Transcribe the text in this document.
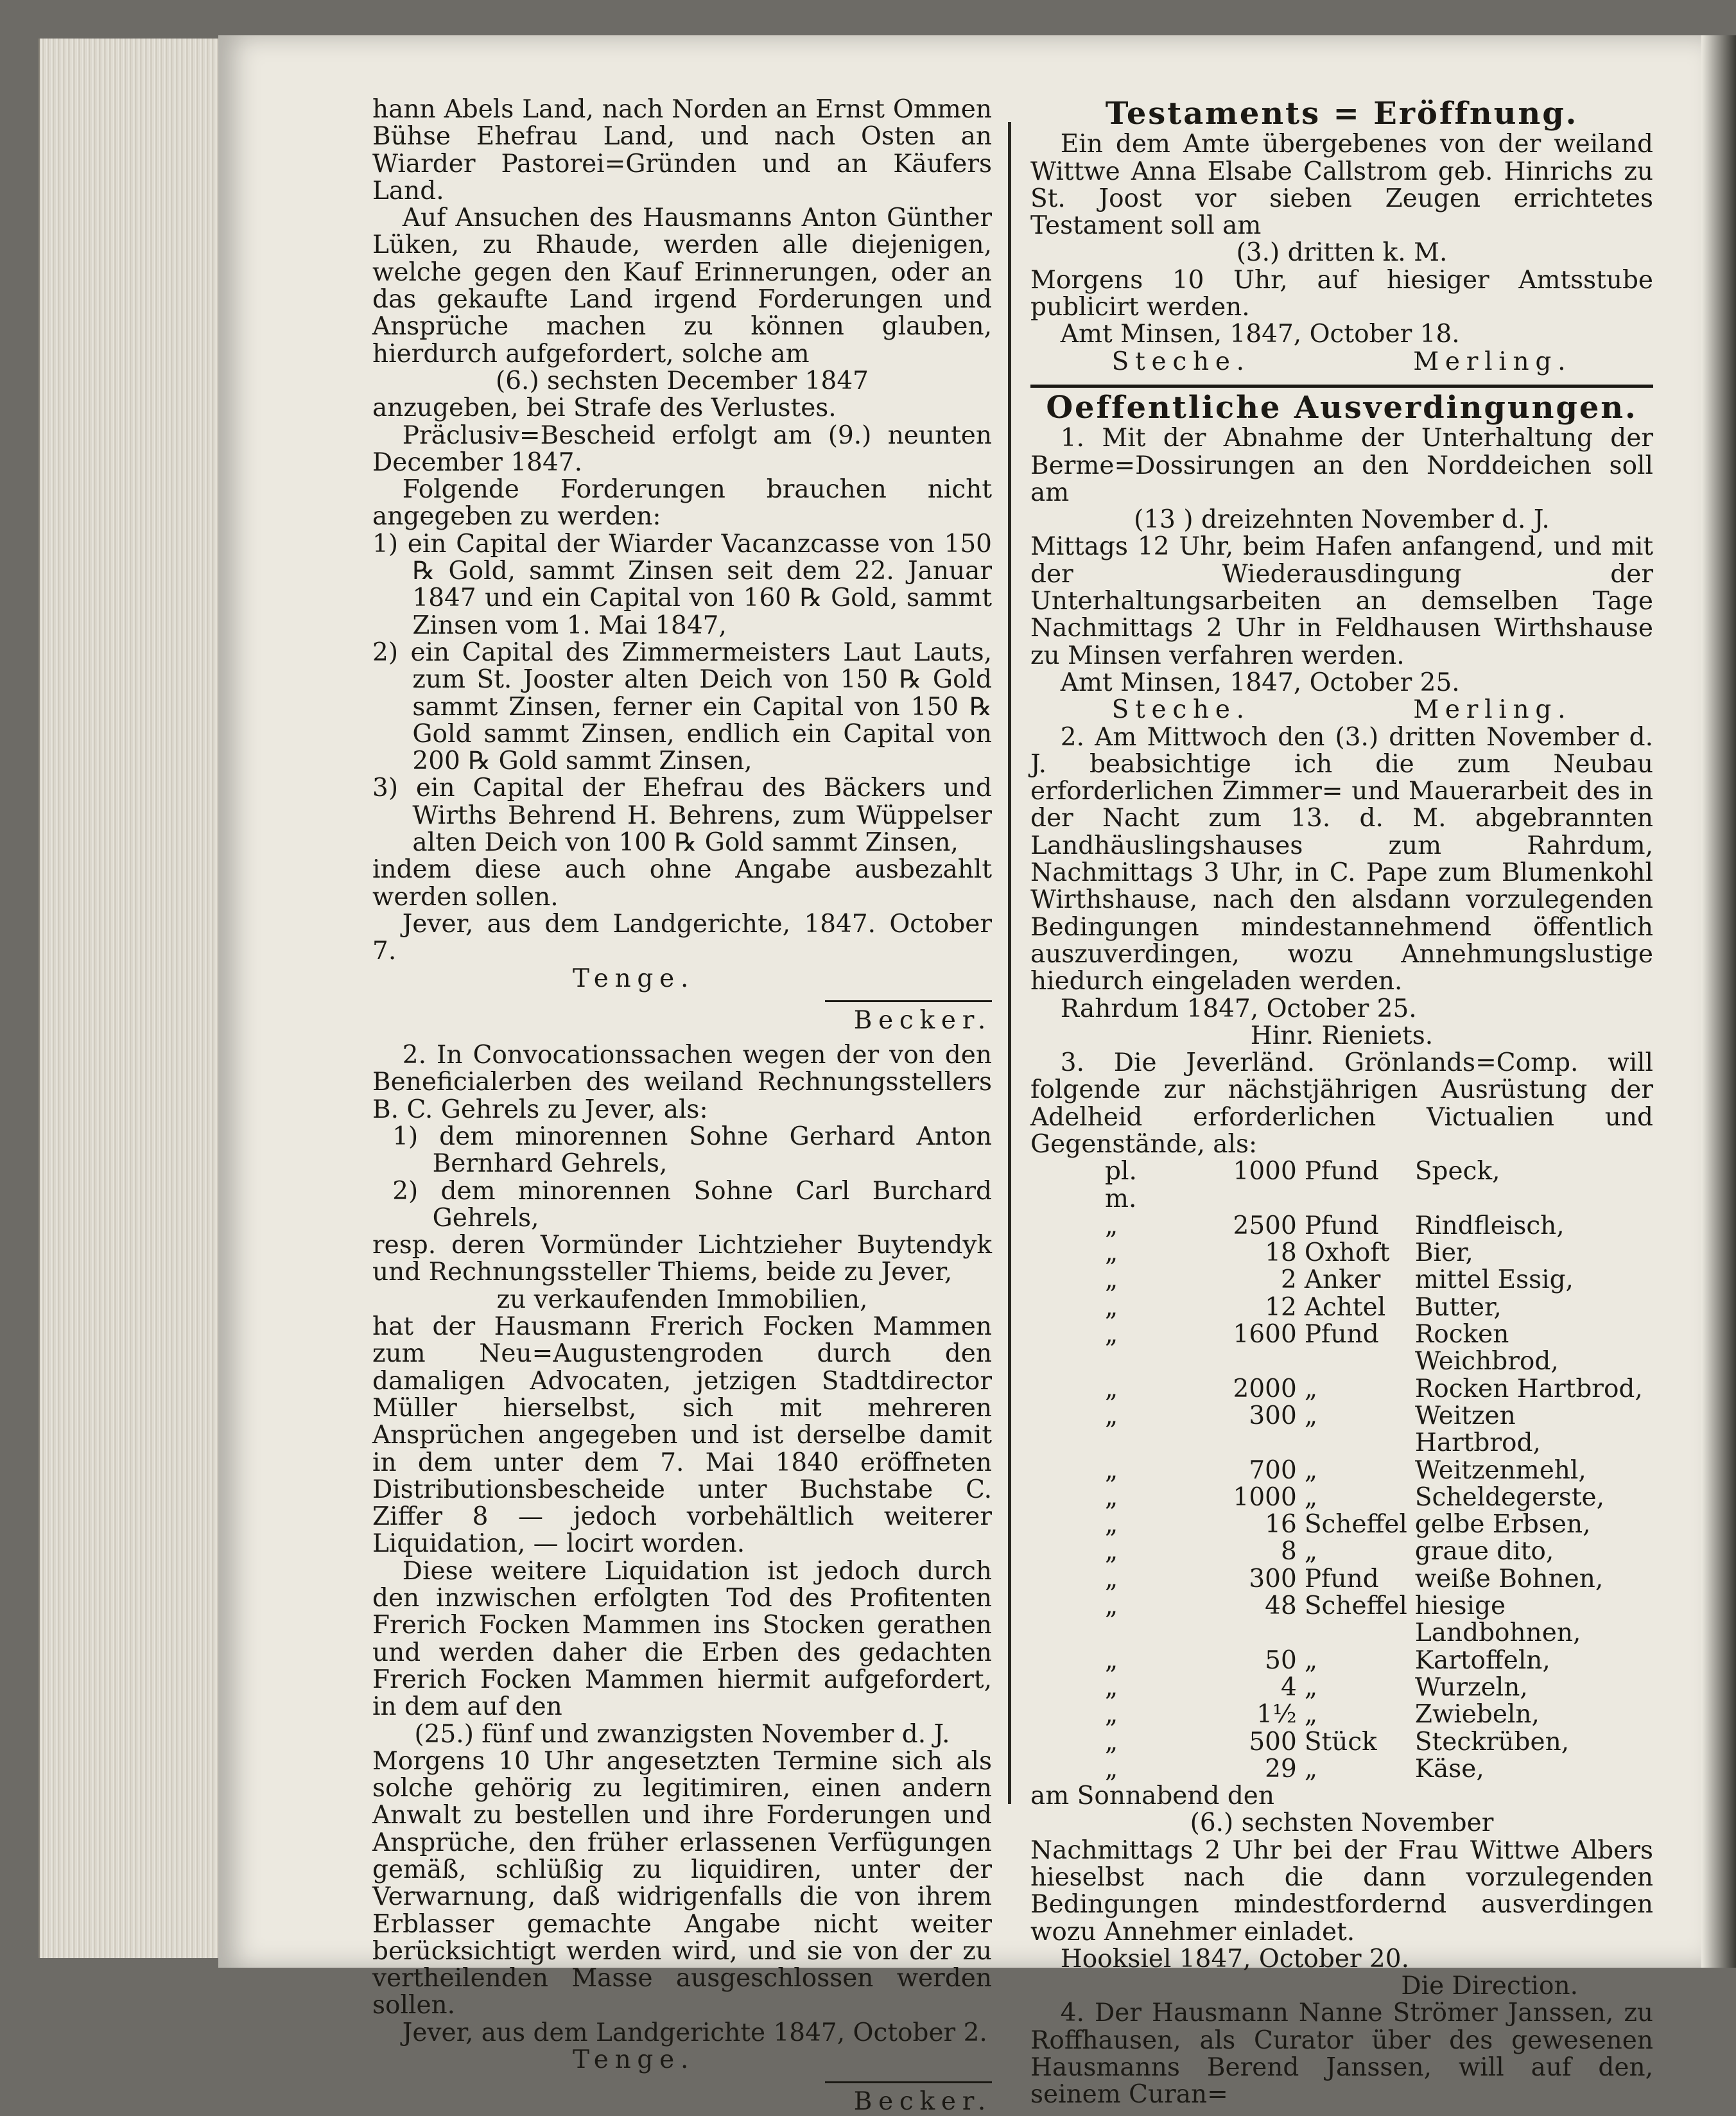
hann Abels Land, nach Norden an Ernst Ommen Bühse Ehefrau Land, und nach Osten an Wiarder Pastorei=Gründen und an Käufers Land.

Auf Ansuchen des Hausmanns Anton Günther Lüken, zu Rhaude, werden alle diejenigen, welche gegen den Kauf Erinnerungen, oder an das gekaufte Land irgend Forderungen und Ansprüche machen zu können glauben, hierdurch aufgefordert, solche am

(6.) sechsten December 1847

anzugeben, bei Strafe des Verlustes.

Präclusiv=Bescheid erfolgt am (9.) neunten December 1847.

Folgende Forderungen brauchen nicht angegeben zu werden:

1) ein Capital der Wiarder Vacanzcasse von 150 ℞ Gold, sammt Zinsen seit dem 22. Januar 1847 und ein Capital von 160 ℞ Gold, sammt Zinsen vom 1. Mai 1847,

2) ein Capital des Zimmermeisters Laut Lauts, zum St. Jooster alten Deich von 150 ℞ Gold sammt Zinsen, ferner ein Capital von 150 ℞ Gold sammt Zinsen, endlich ein Capital von 200 ℞ Gold sammt Zinsen,

3) ein Capital der Ehefrau des Bäckers und Wirths Behrend H. Behrens, zum Wüppelser alten Deich von 100 ℞ Gold sammt Zinsen,

indem diese auch ohne Angabe ausbezahlt werden sollen.

Jever, aus dem Landgerichte, 1847. October 7.

Tenge.

Becker.

2. In Convocationssachen wegen der von den Beneficialerben des weiland Rechnungsstellers B. C. Gehrels zu Jever, als:

1) dem minorennen Sohne Gerhard Anton Bernhard Gehrels,

2) dem minorennen Sohne Carl Burchard Gehrels,

resp. deren Vormünder Lichtzieher Buytendyk und Rechnungssteller Thiems, beide zu Jever,

zu verkaufenden Immobilien,

hat der Hausmann Frerich Focken Mammen zum Neu=Augustengroden durch den damaligen Advocaten, jetzigen Stadtdirector Müller hierselbst, sich mit mehreren Ansprüchen angegeben und ist derselbe damit in dem unter dem 7. Mai 1840 eröffneten Distributionsbescheide unter Buchstabe C. Ziffer 8 — jedoch vorbehältlich weiterer Liquidation, — locirt worden.

Diese weitere Liquidation ist jedoch durch den inzwischen erfolgten Tod des Profitenten Frerich Focken Mammen ins Stocken gerathen und werden daher die Erben des gedachten Frerich Focken Mammen hiermit aufgefordert, in dem auf den

(25.) fünf und zwanzigsten November d. J.

Morgens 10 Uhr angesetzten Termine sich als solche gehörig zu legitimiren, einen andern Anwalt zu bestellen und ihre Forderungen und Ansprüche, den früher erlassenen Verfügungen gemäß, schlüßig zu liquidiren, unter der Verwarnung, daß widrigenfalls die von ihrem Erblasser gemachte Angabe nicht weiter berücksichtigt werden wird, und sie von der zu vertheilenden Masse ausgeschlossen werden sollen.

Jever, aus dem Landgerichte 1847, October 2.

Tenge.

Becker.

Testaments = Eröffnung.

Ein dem Amte übergebenes von der weiland Wittwe Anna Elsabe Callstrom geb. Hinrichs zu St. Joost vor sieben Zeugen errichtetes Testament soll am

(3.) dritten k. M.

Morgens 10 Uhr, auf hiesiger Amtsstube publicirt werden.

Amt Minsen, 1847, October 18.

Steche.	Merling.
Oeffentliche Ausverdingungen.

1. Mit der Abnahme der Unterhaltung der Berme=Dossirungen an den Norddeichen soll am

(13 ) dreizehnten November d. J.

Mittags 12 Uhr, beim Hafen anfangend, und mit der Wiederausdingung der Unterhaltungsarbeiten an demselben Tage Nachmittags 2 Uhr in Feldhausen Wirthshause zu Minsen verfahren werden.

Amt Minsen, 1847, October 25.

Steche.	Merling.

2. Am Mittwoch den (3.) dritten November d. J. beabsichtige ich die zum Neubau erforderlichen Zimmer= und Mauerarbeit des in der Nacht zum 13. d. M. abgebrannten Landhäuslingshauses zum Rahrdum, Nachmittags 3 Uhr, in C. Pape zum Blumenkohl Wirthshause, nach den alsdann vorzulegenden Bedingungen mindestannehmend öffentlich auszuverdingen, wozu Annehmungslustige hiedurch eingeladen werden.

Rahrdum 1847, October 25.

Hinr. Rieniets.

3. Die Jeverländ. Grönlands=Comp. will folgende zur nächstjährigen Ausrüstung der Adelheid erforderlichen Victualien und Gegenstände, als:

pl. m.	1000	Pfund	Speck,
„	2500	Pfund	Rindfleisch,
„	18	Oxhoft	Bier,
„	2	Anker	mittel Essig,
„	12	Achtel	Butter,
„	1600	Pfund	Rocken Weichbrod,
„	2000	„	Rocken Hartbrod,
„	300	„	Weitzen Hartbrod,
„	700	„	Weitzenmehl,
„	1000	„	Scheldegerste,
„	16	Scheffel	gelbe Erbsen,
„	8	„	graue dito,
„	300	Pfund	weiße Bohnen,
„	48	Scheffel	hiesige Landbohnen,
„	50	„	Kartoffeln,
„	4	„	Wurzeln,
„	1½	„	Zwiebeln,
„	500	Stück	Steckrüben,
„	29	„	Käse,

am Sonnabend den

(6.) sechsten November

Nachmittags 2 Uhr bei der Frau Wittwe Albers hieselbst nach die dann vorzulegenden Bedingungen mindestfordernd ausverdingen wozu Annehmer einladet.

Hooksiel 1847, October 20.

Die Direction.

4. Der Hausmann Nanne Strömer Janssen, zu Roffhausen, als Curator über des gewesenen Hausmanns Berend Janssen, will auf den, seinem Curan=
